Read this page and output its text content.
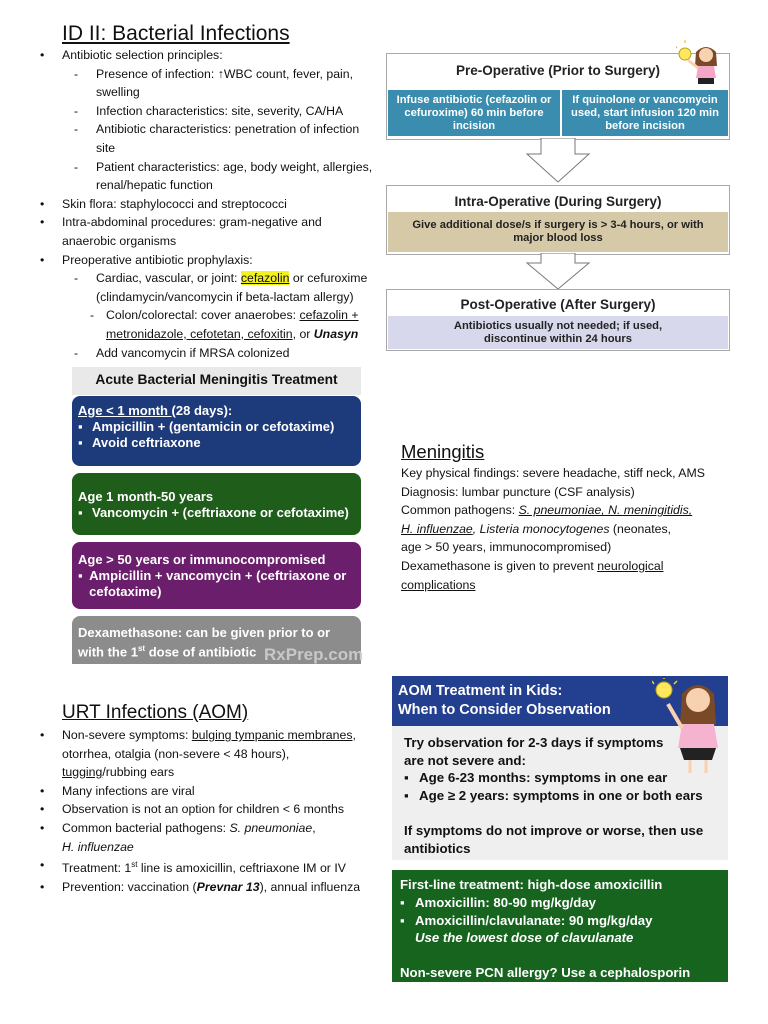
ID II: Bacterial Infections
• Antibiotic selection principles:
- Presence of infection: ↑WBC count, fever, pain, swelling
- Infection characteristics: site, severity, CA/HA
- Antibiotic characteristics: penetration of infection site
- Patient characteristics: age, body weight, allergies, renal/hepatic function
• Skin flora: staphylococci and streptococci
• Intra-abdominal procedures: gram-negative and anaerobic organisms
• Preoperative antibiotic prophylaxis:
- Cardiac, vascular, or joint: cefazolin or cefuroxime (clindamycin/vancomycin if beta-lactam allergy)
- Colon/colorectal: cover anaerobes: cefazolin + metronidazole, cefotetan, cefoxitin, or Unasyn
- Add vancomycin if MRSA colonized
Pre-Operative (Prior to Surgery)
Infuse antibiotic (cefazolin or cefuroxime) 60 min before incision
If quinolone or vancomycin used, start infusion 120 min before incision
Intra-Operative (During Surgery)
Give additional dose/s if surgery is > 3-4 hours, or with major blood loss
Post-Operative (After Surgery)
Antibiotics usually not needed; if used, discontinue within 24 hours
Acute Bacterial Meningitis Treatment
Age < 1 month (28 days):
▪ Ampicillin + (gentamicin or cefotaxime)
▪ Avoid ceftriaxone
Age 1 month-50 years
▪ Vancomycin + (ceftriaxone or cefotaxime)
Age > 50 years or immunocompromised
▪ Ampicillin + vancomycin + (ceftriaxone or cefotaxime)
Dexamethasone: can be given prior to or with the 1st dose of antibiotic RxPrep.com
Meningitis

Key physical findings: severe headache, stiff neck, AMS

Diagnosis: lumbar puncture (CSF analysis)

Common pathogens: S. pneumoniae, N. meningitidis,

H. influenzae, Listeria monocytogenes (neonates,

age > 50 years, immunocompromised)

Dexamethasone is given to prevent neurological

complications

URT Infections (AOM)
• Non-severe symptoms: bulging tympanic membranes, otorrhea, otalgia (non-severe < 48 hours), tugging/rubbing ears
• Many infections are viral
• Observation is not an option for children < 6 months
• Common bacterial pathogens: S. pneumoniae,
H. influenzae
• Treatment: 1st line is amoxicillin, ceftriaxone IM or IV
• Prevention: vaccination (Prevnar 13), annual influenza
AOM Treatment in Kids:
When to Consider Observation
Try observation for 2-3 days if symptoms
are not severe and:
▪ Age 6-23 months: symptoms in one ear
▪ Age ≥ 2 years: symptoms in one or both ears
If symptoms do not improve or worse, then use
antibiotics
First-line treatment: high-dose amoxicillin
▪ Amoxicillin: 80-90 mg/kg/day
▪ Amoxicillin/clavulanate: 90 mg/kg/day
Use the lowest dose of clavulanate
Non-severe PCN allergy? Use a cephalosporin
